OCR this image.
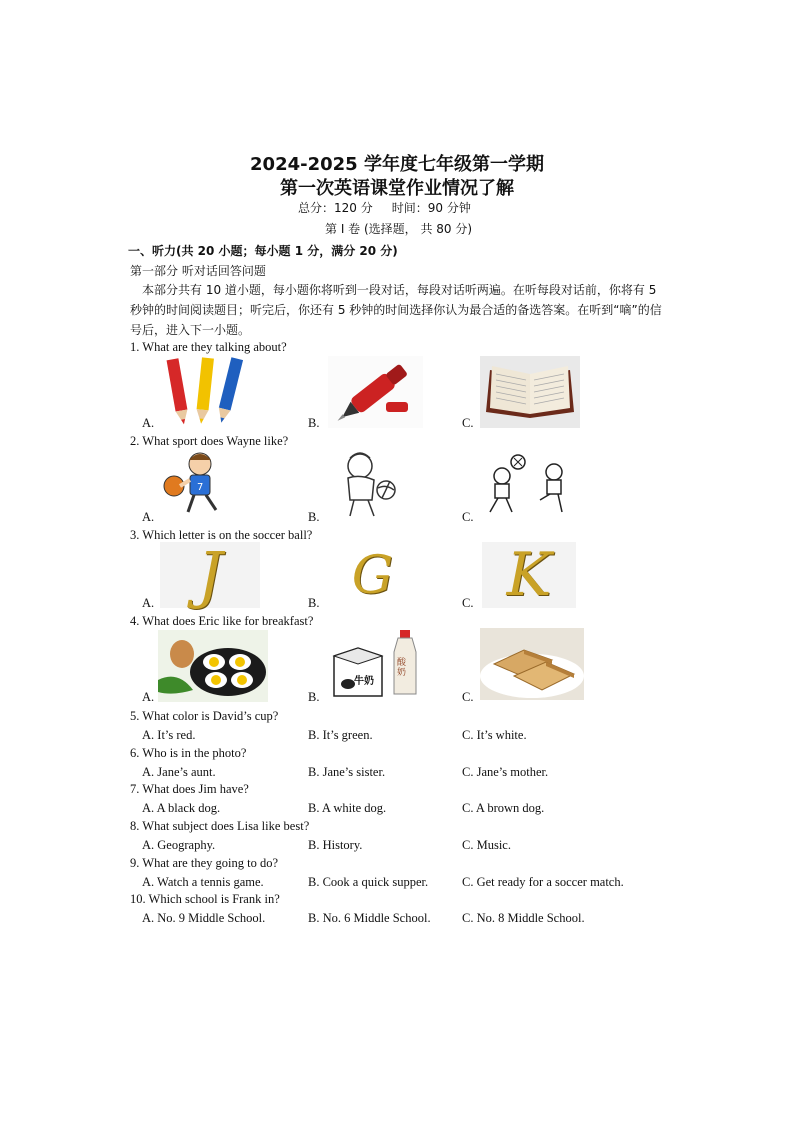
2024-2025 学年度七年级第一学期
第一次英语课堂作业情况了解
总分：120 分     时间：90 分钟
第 Ⅰ 卷 (选择题， 共 80 分)
一、听力(共 20 小题；每小题 1 分，满分 20 分)
第一部分 听对话回答问题
本部分共有 10 道小题，每小题你将听到一段对话，每段对话听两遍。在听每段对话前，你将有 5 秒钟的时间阅读题目；听完后，你还有 5 秒钟的时间选择你认为最合适的备选答案。在听到“嘀”的信号后，进入下一小题。
1. What are they talking about?
A.	B.	C.
2. What sport does Wayne like?
A.	B.	C.
7
3. Which letter is on the soccer ball?
A.	B.	C.
J	G	K
4. What does Eric like for breakfast?
A.	B.	C.
牛奶
酸奶
5. What color is David’s cup?
A. It’s red.	B. It’s green.	C. It’s white.
6. Who is in the photo?
A. Jane’s aunt.	B. Jane’s sister.	C. Jane’s mother.
7. What does Jim have?
A. A black dog.	B. A white dog.	C. A brown dog.
8. What subject does Lisa like best?
A. Geography.	B. History.	C. Music.
9. What are they going to do?
A. Watch a tennis game.	B. Cook a quick supper.	C. Get ready for a soccer match.
10. Which school is Frank in?
A. No. 9 Middle School.	B. No. 6 Middle School.	C. No. 8 Middle School.
